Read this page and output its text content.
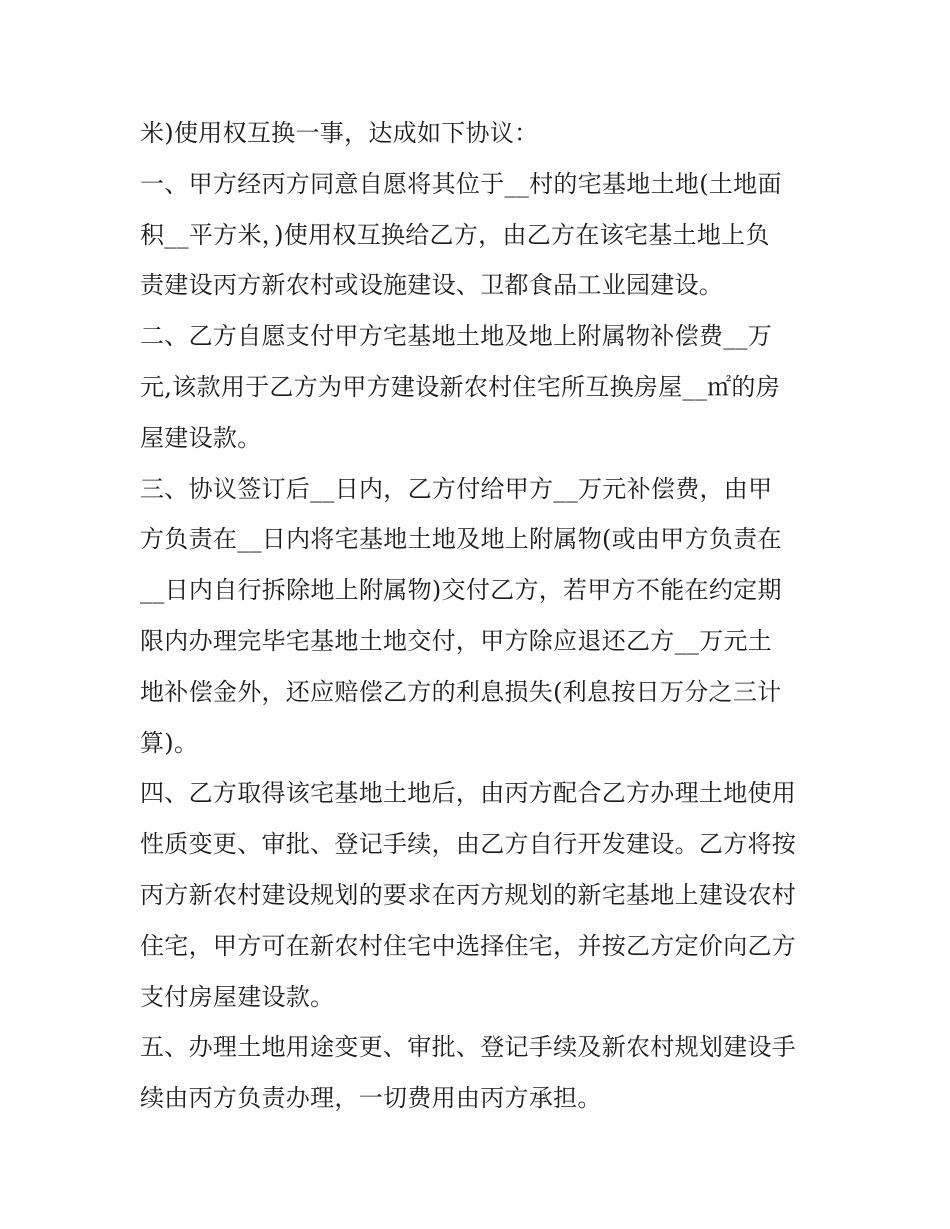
米)使用权互换一事，达成如下协议：
一、甲方经丙方同意自愿将其位于__村的宅基地土地(土地面
积__平方米，)使用权互换给乙方，由乙方在该宅基土地上负
责建设丙方新农村或设施建设、卫都食品工业园建设。
二、乙方自愿支付甲方宅基地土地及地上附属物补偿费__万
元,该款用于乙方为甲方建设新农村住宅所互换房屋__㎡的房
屋建设款。
三、协议签订后__日内，乙方付给甲方__万元补偿费，由甲
方负责在__日内将宅基地土地及地上附属物(或由甲方负责在
__日内自行拆除地上附属物)交付乙方，若甲方不能在约定期
限内办理完毕宅基地土地交付，甲方除应退还乙方__万元土
地补偿金外，还应赔偿乙方的利息损失(利息按日万分之三计
算)。
四、乙方取得该宅基地土地后，由丙方配合乙方办理土地使用
性质变更、审批、登记手续，由乙方自行开发建设。乙方将按
丙方新农村建设规划的要求在丙方规划的新宅基地上建设农村
住宅，甲方可在新农村住宅中选择住宅，并按乙方定价向乙方
支付房屋建设款。
五、办理土地用途变更、审批、登记手续及新农村规划建设手
续由丙方负责办理，一切费用由丙方承担。
